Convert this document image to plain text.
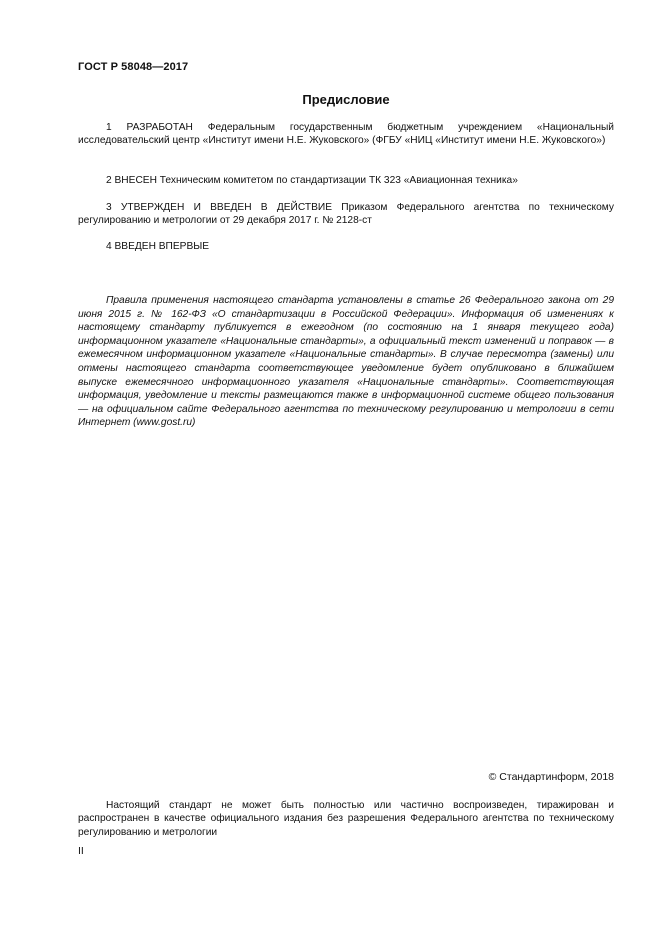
ГОСТ Р 58048—2017
Предисловие

1 РАЗРАБОТАН Федеральным государственным бюджетным учреждением «Национальный исследовательский центр «Институт имени Н.Е. Жуковского» (ФГБУ «НИЦ «Институт имени Н.Е. Жуковского»)

2 ВНЕСЕН Техническим комитетом по стандартизации ТК 323 «Авиационная техника»

3 УТВЕРЖДЕН И ВВЕДЕН В ДЕЙСТВИЕ Приказом Федерального агентства по техническому регулированию и метрологии от 29 декабря 2017 г. № 2128-ст

4 ВВЕДЕН ВПЕРВЫЕ

Правила применения настоящего стандарта установлены в статье 26 Федерального закона от 29 июня 2015 г. № 162-ФЗ «О стандартизации в Российской Федерации». Информация об изменениях к настоящему стандарту публикуется в ежегодном (по состоянию на 1 января текущего года) информационном указателе «Национальные стандарты», а официальный текст изменений и поправок — в ежемесячном информационном указателе «Национальные стандарты». В случае пересмотра (замены) или отмены настоящего стандарта соответствующее уведомление будет опубликовано в ближайшем выпуске ежемесячного информационного указателя «Национальные стандарты». Соответствующая информация, уведомление и тексты размещаются также в информационной системе общего пользования — на официальном сайте Федерального агентства по техническому регулированию и метрологии в сети Интернет (www.gost.ru)

© Стандартинформ, 2018

Настоящий стандарт не может быть полностью или частично воспроизведен, тиражирован и распространен в качестве официального издания без разрешения Федерального агентства по техническому регулированию и метрологии

II
